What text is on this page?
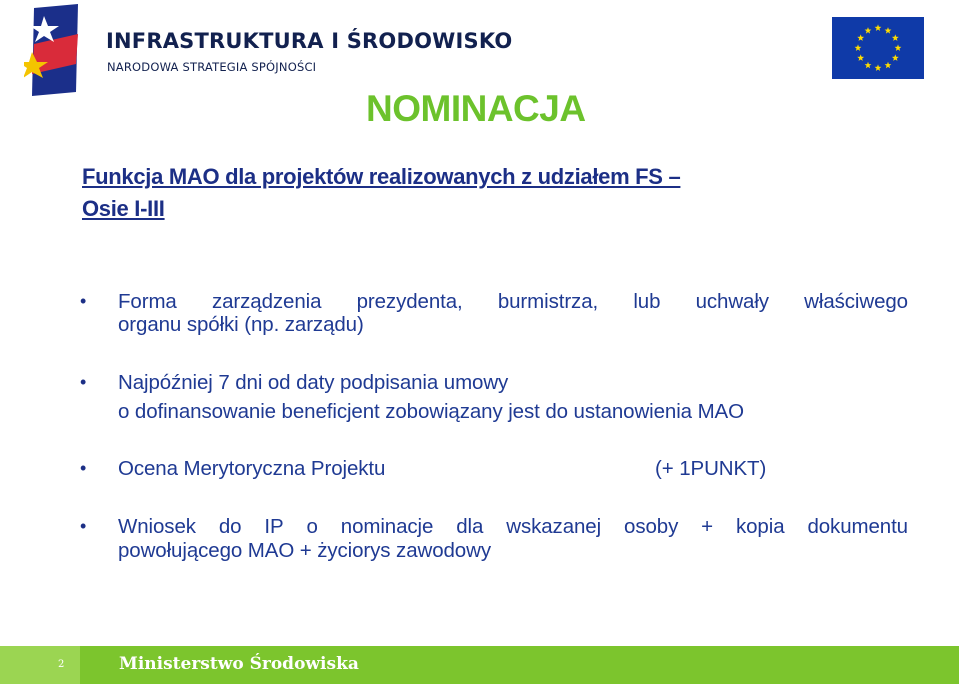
INFRASTRUKTURA I ŚRODOWISKO
NARODOWA STRATEGIA SPÓJNOŚCI
NOMINACJA
Funkcja MAO dla projektów realizowanych z udziałem FS –
Osie I-III
• Forma zarządzenia prezydenta, burmistrza, lub uchwały właściwego
organu spółki (np. zarządu)
• Najpóźniej 7 dni od daty podpisania umowy
o dofinansowanie beneficjent zobowiązany jest do ustanowienia MAO
• Ocena Merytoryczna Projektu	(+ 1PUNKT)
• Wniosek do IP o nominacje dla wskazanej osoby + kopia dokumentu
powołującego MAO + życiorys zawodowy
2	Ministerstwo Środowiska
